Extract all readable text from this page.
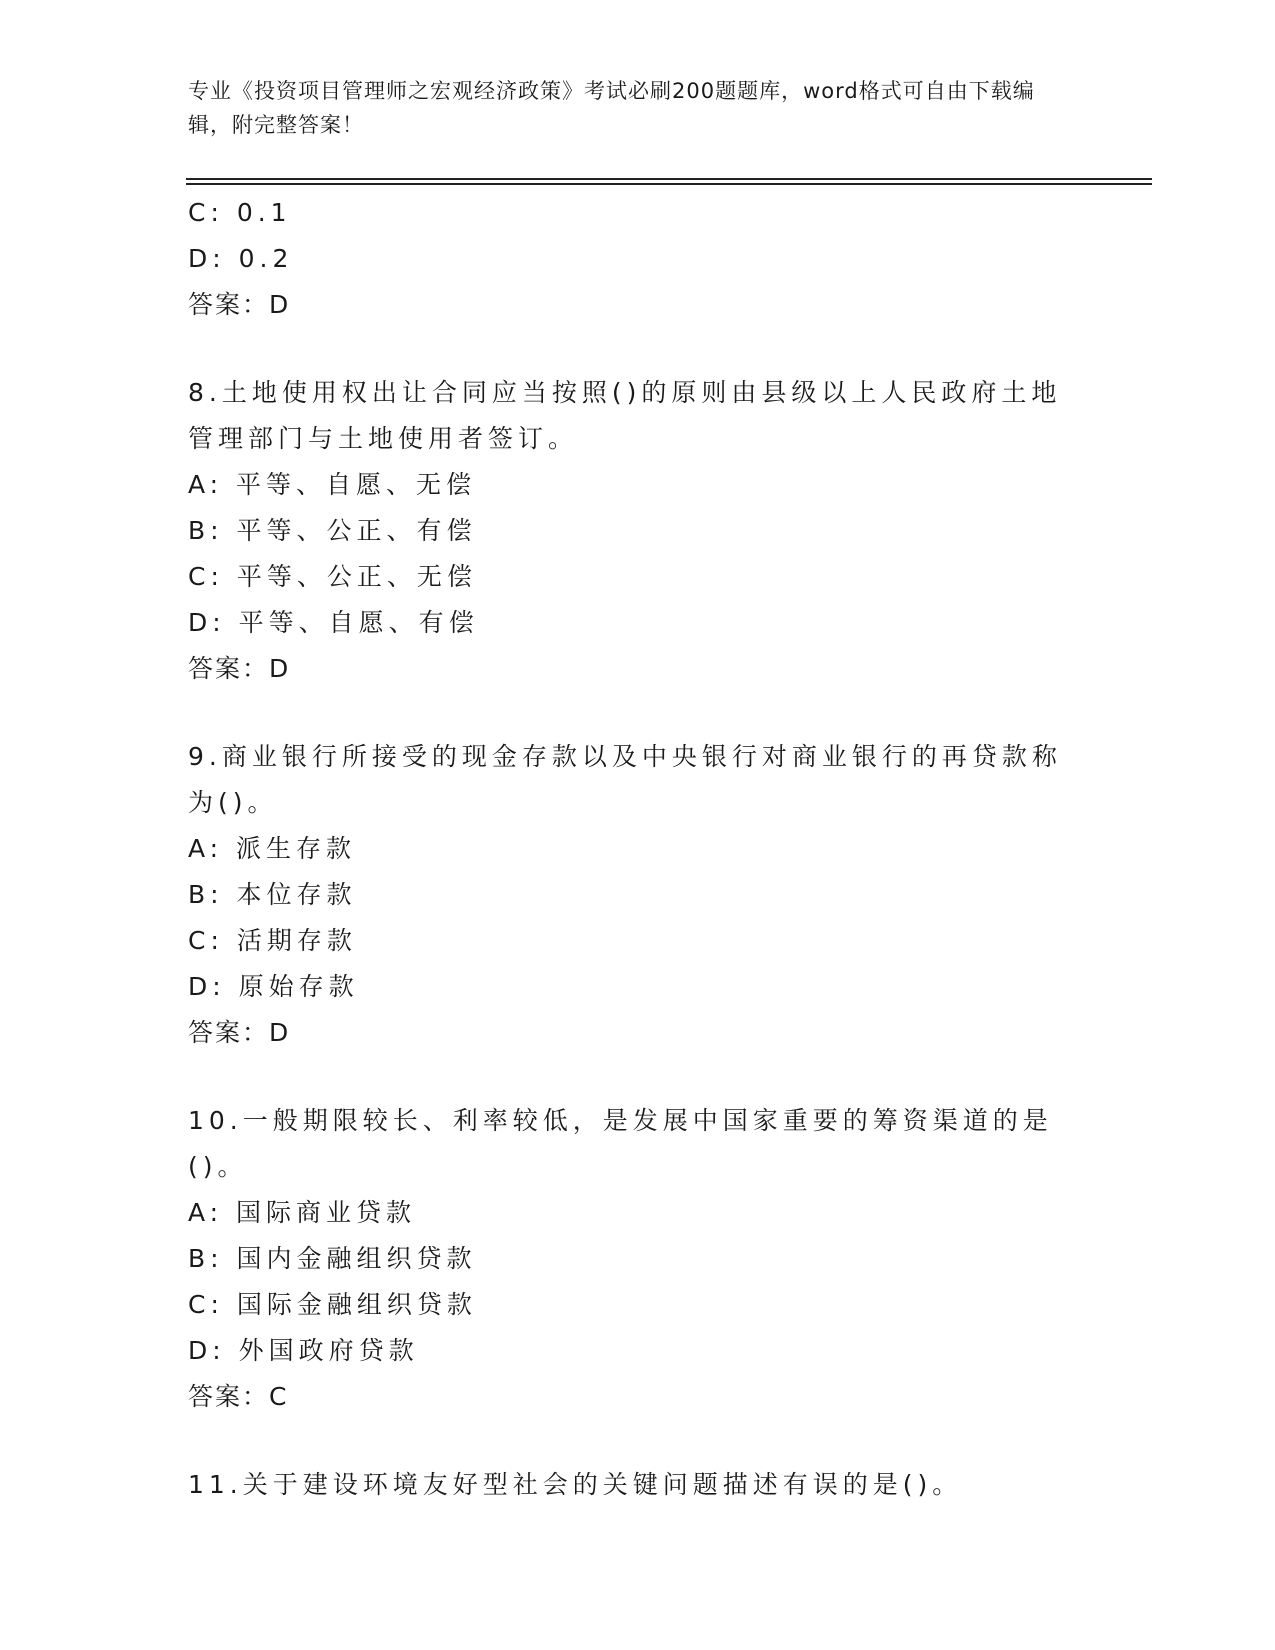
专业《投资项目管理师之宏观经济政策》考试必刷200题题库，word格式可自由下载编辑，附完整答案！
C: 0.1
D: 0.2
答案：D
8.土地使用权出让合同应当按照()的原则由县级以上人民政府土地管理部门与土地使用者签订。
A: 平等、自愿、无偿
B: 平等、公正、有偿
C: 平等、公正、无偿
D: 平等、自愿、有偿
答案：D
9.商业银行所接受的现金存款以及中央银行对商业银行的再贷款称为()。
A: 派生存款
B: 本位存款
C: 活期存款
D: 原始存款
答案：D
10.一般期限较长、利率较低，是发展中国家重要的筹资渠道的是()。
A: 国际商业贷款
B: 国内金融组织贷款
C: 国际金融组织贷款
D: 外国政府贷款
答案：C
11.关于建设环境友好型社会的关键问题描述有误的是()。
